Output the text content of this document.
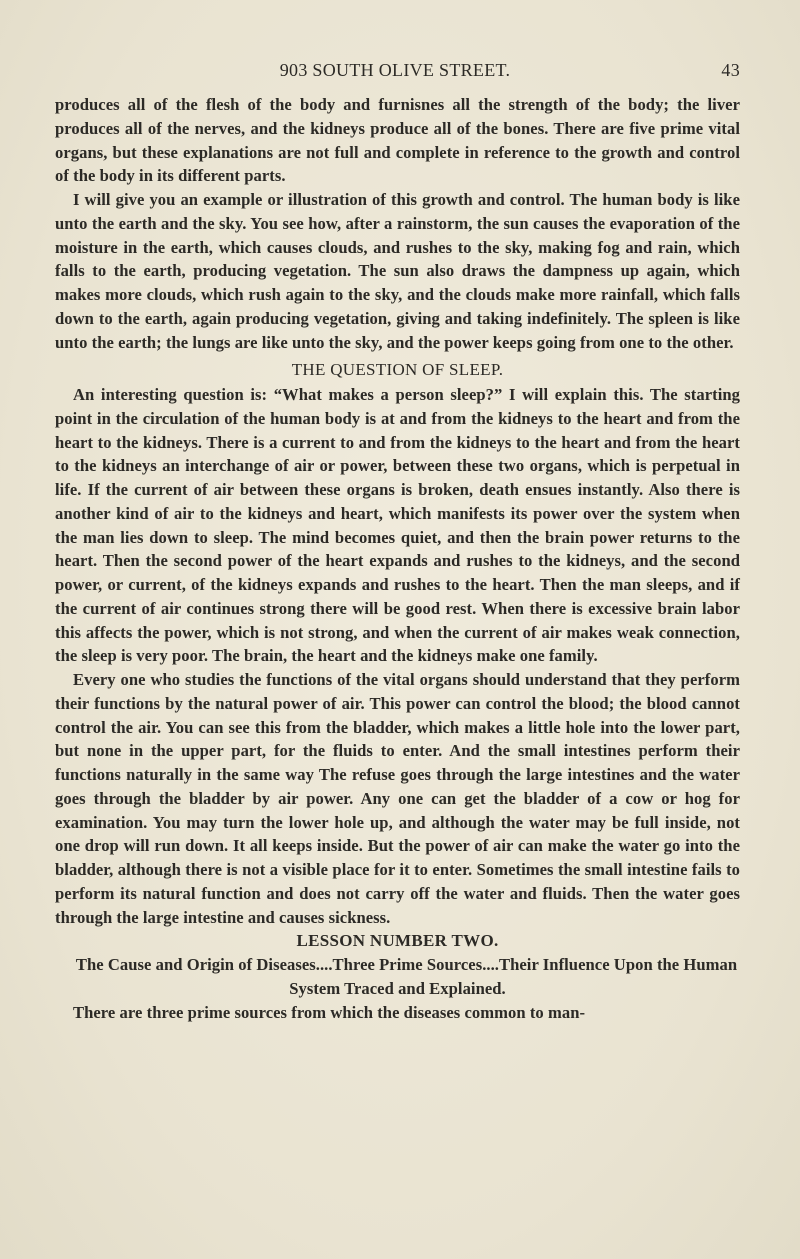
903 SOUTH OLIVE STREET.	43

produces all of the flesh of the body and furnisnes all the strength of the body; the liver produces all of the nerves, and the kidneys produce all of the bones. There are five prime vital organs, but these explanations are not full and complete in reference to the growth and control of the body in its different parts.

I will give you an example or illustration of this growth and control. The human body is like unto the earth and the sky. You see how, after a rainstorm, the sun causes the evaporation of the moisture in the earth, which causes clouds, and rushes to the sky, making fog and rain, which falls to the earth, producing vegetation. The sun also draws the dampness up again, which makes more clouds, which rush again to the sky, and the clouds make more rainfall, which falls down to the earth, again producing vegetation, giving and taking indefinitely. The spleen is like unto the earth; the lungs are like unto the sky, and the power keeps going from one to the other.

THE QUESTION OF SLEEP.

An interesting question is: “What makes a person sleep?” I will explain this. The starting point in the circulation of the human body is at and from the kidneys to the heart and from the heart to the kidneys. There is a current to and from the kidneys to the heart and from the heart to the kidneys an interchange of air or power, between these two organs, which is perpetual in life. If the current of air between these organs is broken, death ensues instantly. Also there is another kind of air to the kidneys and heart, which manifests its power over the system when the man lies down to sleep. The mind becomes quiet, and then the brain power returns to the heart. Then the second power of the heart expands and rushes to the kidneys, and the second power, or current, of the kidneys expands and rushes to the heart. Then the man sleeps, and if the current of air continues strong there will be good rest. When there is excessive brain labor this affects the power, which is not strong, and when the current of air makes weak connection, the sleep is very poor. The brain, the heart and the kidneys make one family.

Every one who studies the functions of the vital organs should understand that they perform their functions by the natural power of air. This power can control the blood; the blood cannot control the air. You can see this from the bladder, which makes a little hole into the lower part, but none in the upper part, for the fluids to enter. And the small intestines perform their functions naturally in the same way The refuse goes through the large intestines and the water goes through the bladder by air power. Any one can get the bladder of a cow or hog for examination. You may turn the lower hole up, and although the water may be full inside, not one drop will run down. It all keeps inside. But the power of air can make the water go into the bladder, although there is not a visible place for it to enter. Sometimes the small intestine fails to perform its natural function and does not carry off the water and fluids. Then the water goes through the large intestine and causes sickness.

LESSON NUMBER TWO.

The Cause and Origin of Diseases....Three Prime Sources....Their Influence Upon the Human System Traced and Explained.

There are three prime sources from which the diseases common to man-
